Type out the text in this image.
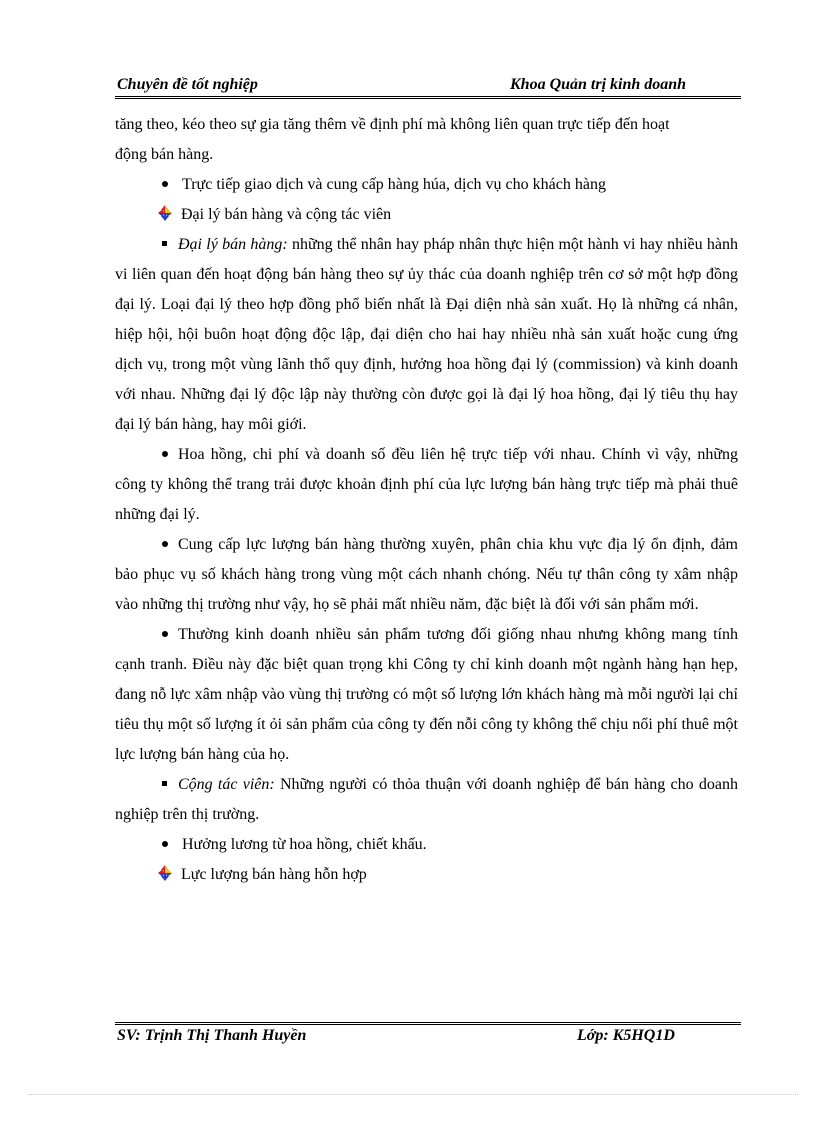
Chuyên đề tốt nghiệp	Khoa Quản trị kinh doanh

tăng theo, kéo theo sự gia tăng thêm về định phí mà không liên quan trực tiếp đến hoạt
động bán hàng.

Trực tiếp giao dịch và cung cấp hàng húa, dịch vụ cho khách hàng

Đại lý bán hàng và cộng tác viên

Đại lý bán hàng: những thể nhân hay pháp nhân thực hiện một hành vi hay nhiều hành vi liên quan đến hoạt động bán hàng theo sự ủy thác của doanh nghiệp trên cơ sở một hợp đồng đại lý. Loại đại lý theo hợp đồng phổ biến nhất là Đại diện nhà sản xuất. Họ là những cá nhân, hiệp hội, hội buôn hoạt động độc lập, đại diện cho hai hay nhiều nhà sản xuất hoặc cung ứng dịch vụ, trong một vùng lãnh thổ quy định, hưởng hoa hồng đại lý (commission) và kinh doanh với nhau. Những đại lý độc lập này thường còn được gọi là đại lý hoa hồng, đại lý tiêu thụ hay đại lý bán hàng, hay môi giới.

Hoa hồng, chi phí và doanh số đều liên hệ trực tiếp với nhau. Chính vì vậy, những công ty không thể trang trải được khoản định phí của lực lượng bán hàng trực tiếp mà phải thuê những đại lý.

Cung cấp lực lượng bán hàng thường xuyên, phân chia khu vực địa lý ổn định, đảm bảo phục vụ số khách hàng trong vùng một cách nhanh chóng. Nếu tự thân công ty xâm nhập vào những thị trường như vậy, họ sẽ phải mất nhiều năm, đặc biệt là đối với sản phẩm mới.

Thường kinh doanh nhiều sản phẩm tương đối giống nhau nhưng không mang tính cạnh tranh. Điều này đặc biệt quan trọng khi Công ty chỉ kinh doanh một ngành hàng hạn hẹp, đang nỗ lực xâm nhập vào vùng thị trường có một số lượng lớn khách hàng mà mỗi người lại chỉ tiêu thụ một số lượng ít ỏi sản phẩm của công ty đến nỗi công ty không thể chịu nổi phí thuê một lực lượng bán hàng của họ.

Cộng tác viên: Những người có thỏa thuận với doanh nghiệp để bán hàng cho doanh nghiệp trên thị trường.

Hưởng lương từ hoa hồng, chiết khấu.

Lực lượng bán hàng hỗn hợp

SV: Trịnh Thị Thanh Huyền	Lớp: K5HQ1D
